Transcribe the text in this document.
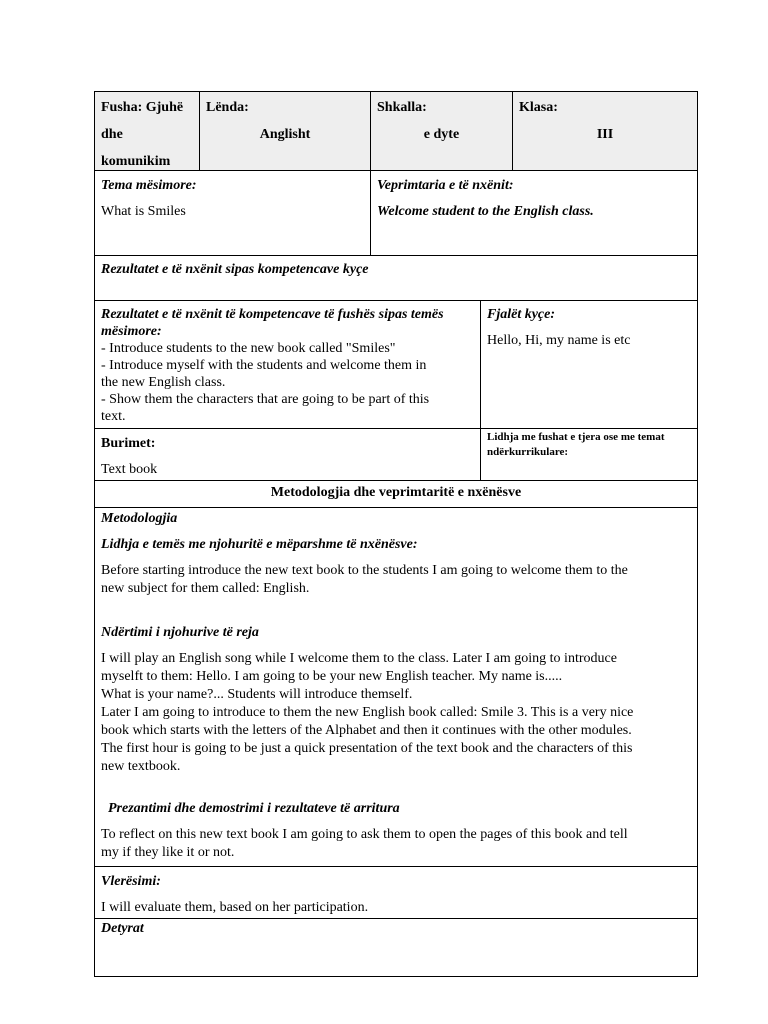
Fusha: Gjuhë
dhe
komunikim
Lënda:
Anglisht
Shkalla:
e dyte
Klasa:
III
Tema mësimore:
What is Smiles
Veprimtaria e të nxënit:
Welcome student to the English class.
Rezultatet e të nxënit sipas kompetencave kyçe
Rezultatet e të nxënit të kompetencave të fushës sipas temës
mësimore:
- Introduce students to the new book called "Smiles"
- Introduce myself with the students and welcome them in
the new English class.
- Show them the characters that are going to be part of this
text.
Fjalët kyçe:
Hello, Hi, my name is etc
Burimet:
Text book
Lidhja me fushat e tjera ose me temat
ndërkurrikulare:
Metodologjia dhe veprimtaritë e nxënësve

Metodologjia

Lidhja e temës me njohuritë e mëparshme të nxënësve:

Before starting introduce the new text book to the students I am going to welcome them to the
new subject for them called: English.

Ndërtimi i njohurive të reja

I will play an English song while I welcome them to the class. Later I am going to introduce
myselft to them: Hello. I am going to be your new English teacher. My name is.....
What is your name?... Students will introduce themself.
Later I am going to introduce to them the new English book called: Smile 3. This is a very nice
book which starts with the letters of the Alphabet and then it continues with the other modules.
The first hour is going to be just a quick presentation of the text book and the characters of this
new textbook.

Prezantimi dhe demostrimi i rezultateve të arritura

To reflect on this new text book I am going to ask them to open the pages of this book and tell
my if they like it or not.
Vlerësimi:
I will evaluate them, based on her participation.
Detyrat
